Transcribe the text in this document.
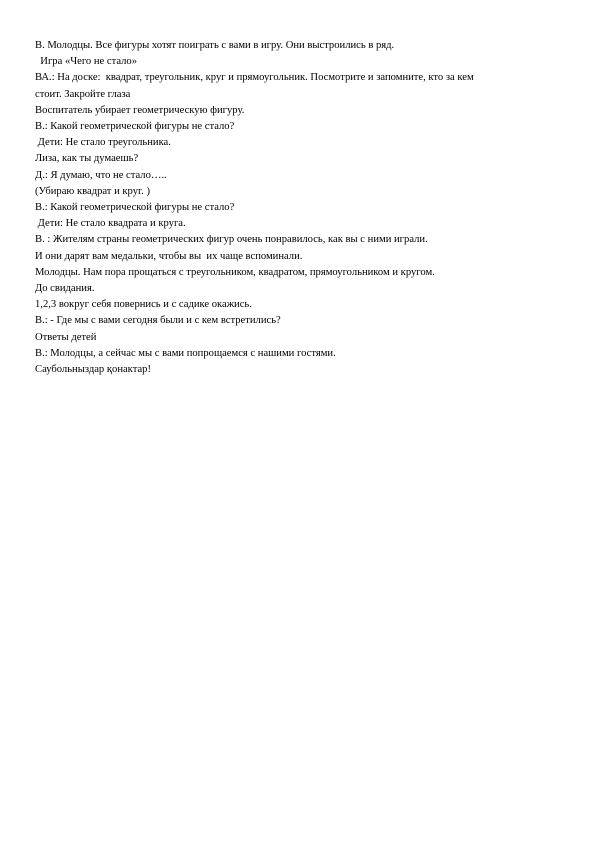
В. Молодцы. Все фигуры хотят поиграть с вами в игру. Они выстроились в ряд.

Игра «Чего не стало»

ВА.: На доске:  квадрат, треугольник, круг и прямоугольник. Посмотрите и запомните, кто за кем

стоит. Закройте глаза

Воспитатель убирает геометрическую фигуру.

В.: Какой геометрической фигуры не стало?

Дети: Не стало треугольника.

Лиза, как ты думаешь?

Д.: Я думаю, что не стало…..

(Убираю квадрат и круг. )

В.: Какой геометрической фигуры не стало?

Дети: Не стало квадрата и круга.

В. : Жителям страны геометрических фигур очень понравилось, как вы с ними играли.

И они дарят вам медальки, чтобы вы  их чаще вспоминали.

Молодцы. Нам пора прощаться с треугольником, квадратом, прямоугольником и кругом.

До свидания.

1,2,3 вокруг себя повернись и с садике окажись.

В.: - Где мы с вами сегодня были и с кем встретились?

Ответы детей

В.: Молодцы, а сейчас мы с вами попрощаемся с нашими гостями.

Саубольныздар қонактар!
